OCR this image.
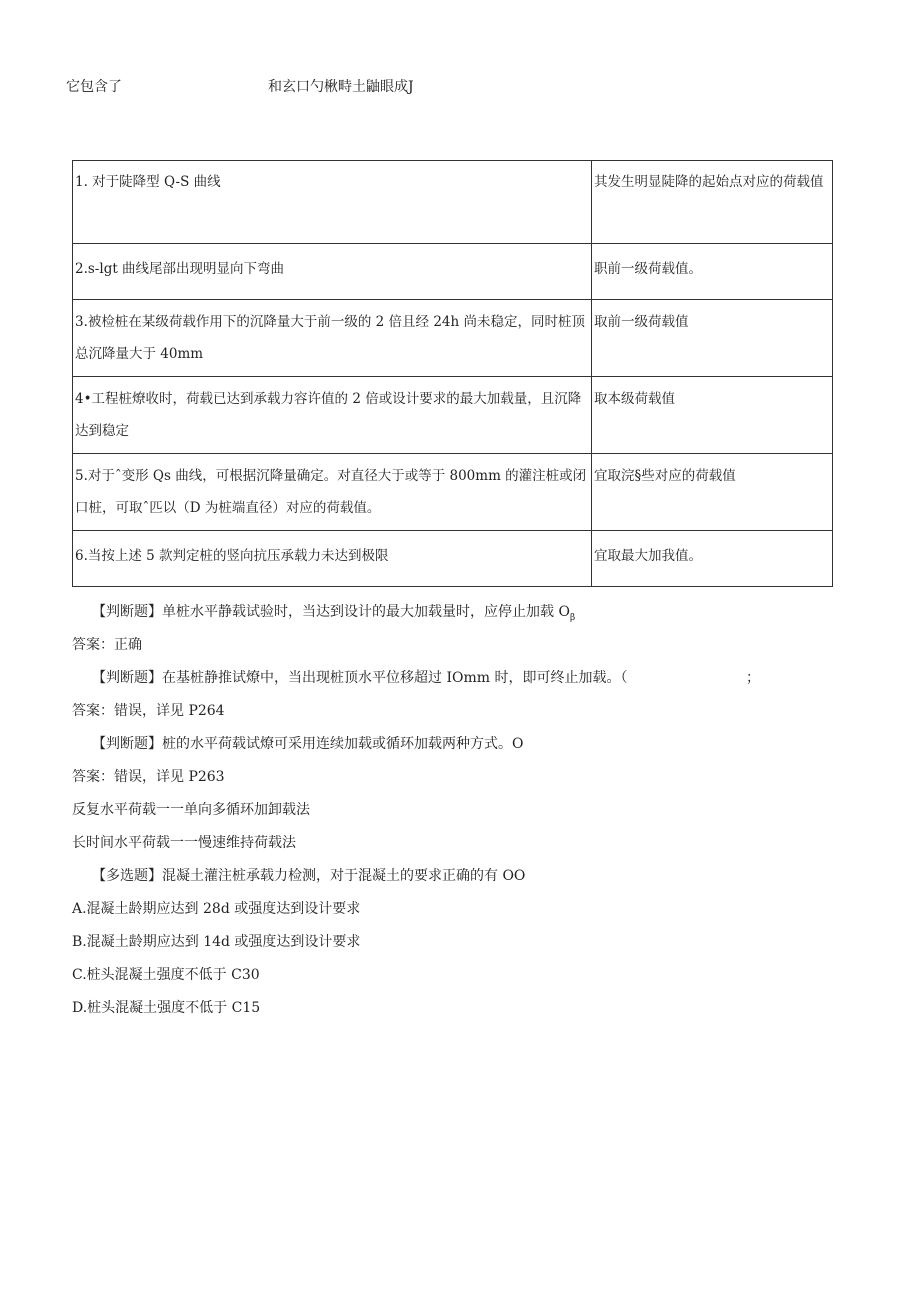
它包含了	和玄口勺楸畤土鼬眼成J
1. 对于陡降型 Q-S 曲线	其发生明显陡降的起始点对应的荷载值
2.s-lgt 曲线尾部出现明显向下弯曲	职前一级荷载值。
3.被检桩在某级荷载作用下的沉降量大于前一级的 2 倍且经 24h 尚未稳定，同时桩顶总沉降量大于 40mm	取前一级荷载值
4•工程桩燎收时，荷载已达到承载力容许值的 2 倍或设计要求的最大加载量，且沉降达到稳定	取本级荷载值
5.对于ˆ变形 Qs 曲线，可根据沉降量确定。对直径大于或等于 800mm 的灌注桩或闭口桩，可取ˆ匹以（D 为桩端直径）对应的荷载值。	宜取浣§些对应的荷载值
6.当按上述 5 款判定桩的竖向抗压承载力未达到极限	宜取最大加我值。
【判断题】单桩水平静载试验时，当达到设计的最大加载量时，应停止加载 $O_\beta$
答案：正确
【判断题】在基桩静推试燎中，当出现桩顶水平位移超过 IOmm 时，即可终止加载。（	；
答案：错误，详见 P264
【判断题】桩的水平荷载试燎可采用连续加载或循环加载两种方式。O
答案：错误，详见 P263
反复水平荷载一一单向多循环加卸载法
长时间水平荷载一一慢速维持荷载法
【多选题】混凝土灌注桩承载力检测，对于混凝土的要求正确的有 OO
A.混凝土龄期应达到 28d 或强度达到设计要求
B.混凝土龄期应达到 14d 或强度达到设计要求
C.桩头混凝土强度不低于 C30
D.桩头混凝土强度不低于 C15
